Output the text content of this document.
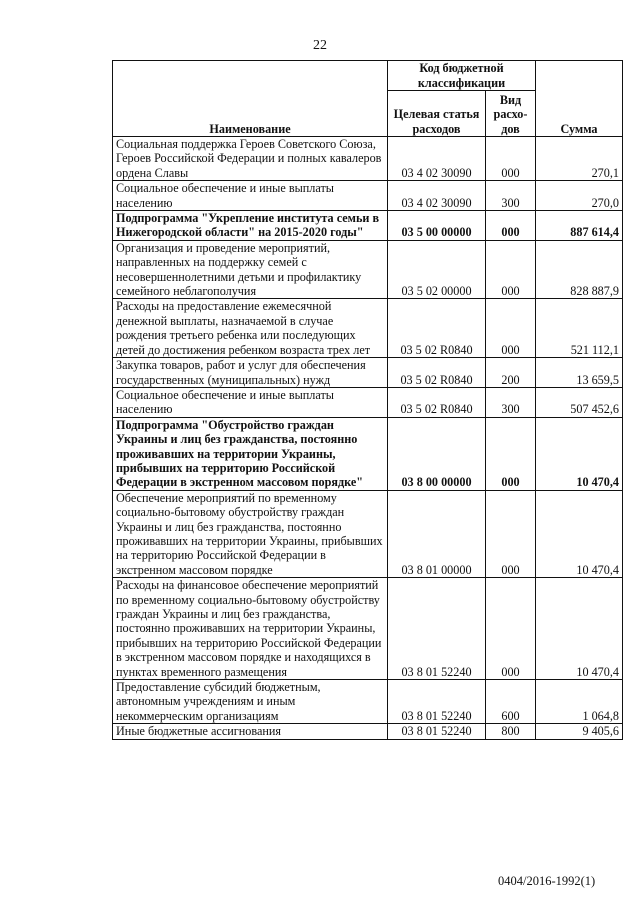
22
Наименование	Код бюджетной классификации		Сумма
	Целевая статья расходов	Вид расхо-дов	
Социальная поддержка Героев Советского Союза, Героев Российской Федерации и полных кавалеров ордена Славы	03 4 02 30090	000	270,1
Социальное обеспечение и иные выплаты населению	03 4 02 30090	300	270,0
Подпрограмма "Укрепление института семьи в Нижегородской области" на 2015-2020 годы"	03 5 00 00000	000	887 614,4
Организация и проведение мероприятий, направленных на поддержку семей с несовершеннолетними детьми и профилактику семейного неблагополучия	03 5 02 00000	000	828 887,9
Расходы на предоставление ежемесячной денежной выплаты, назначаемой в случае рождения третьего ребенка или последующих детей до достижения ребенком возраста трех лет	03 5 02 R0840	000	521 112,1
Закупка товаров, работ и услуг для обеспечения государственных (муниципальных) нужд	03 5 02 R0840	200	13 659,5
Социальное обеспечение и иные выплаты населению	03 5 02 R0840	300	507 452,6
Подпрограмма "Обустройство граждан Украины и лиц без гражданства, постоянно проживавших на территории Украины, прибывших на территорию Российской Федерации в экстренном массовом порядке"	03 8 00 00000	000	10 470,4
Обеспечение мероприятий по временному социально-бытовому обустройству граждан Украины и лиц без гражданства, постоянно проживавших на территории Украины, прибывших на территорию Российской Федерации в экстренном массовом порядке	03 8 01 00000	000	10 470,4
Расходы на финансовое обеспечение мероприятий по временному социально-бытовому обустройству граждан Украины и лиц без гражданства, постоянно проживавших на территории Украины, прибывших на территорию Российской Федерации в экстренном массовом порядке и находящихся в пунктах временного размещения	03 8 01 52240	000	10 470,4
Предоставление субсидий бюджетным, автономным учреждениям и иным некоммерческим организациям	03 8 01 52240	600	1 064,8
Иные бюджетные ассигнования	03 8 01 52240	800	9 405,6
0404/2016-1992(1)
